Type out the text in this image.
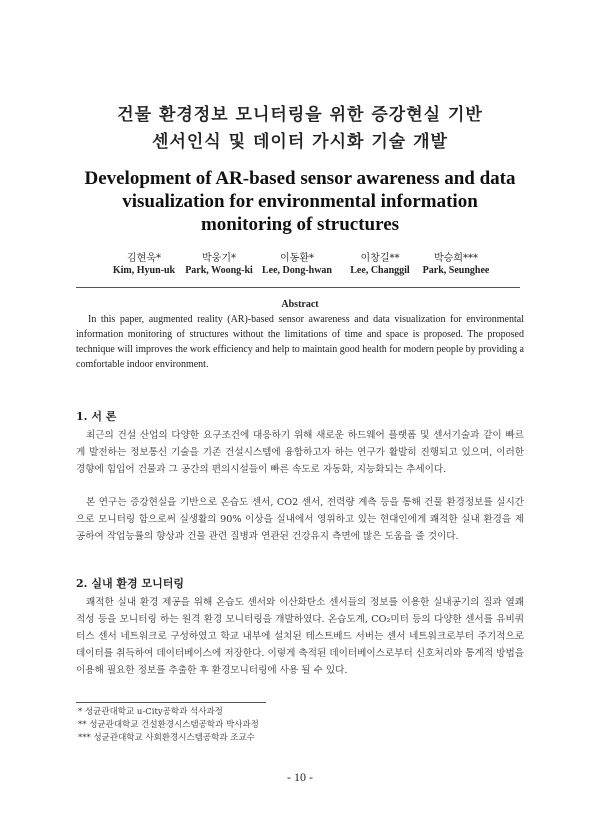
건물 환경정보 모니터링을 위한 증강현실 기반
센서인식 및 데이터 가시화 기술 개발
Development of AR-based sensor awareness and data
visualization for environmental information
monitoring of structures
김현욱*
Kim, Hyun-uk
박웅기*
Park, Woong-ki
이동환*
Lee, Dong-hwan
이창길**
Lee, Changgil
박승희***
Park, Seunghee
Abstract
In this paper, augmented reality (AR)-based sensor awareness and data visualization for environmental information monitoring of structures without the limitations of time and space is proposed. The proposed technique will improves the work efficiency and help to maintain good health for modern people by providing a comfortable indoor environment.
1. 서 론
최근의 건설 산업의 다양한 요구조건에 대응하기 위해 새로운 하드웨어 플랫폼 및 센서기술과 같이 빠르게 발전하는 정보통신 기술을 기존 건설시스템에 융합하고자 하는 연구가 활발히 진행되고 있으며, 이러한 경향에 힘입어 건물과 그 공간의 편의시설들이 빠른 속도로 자동화, 지능화되는 추세이다.
본 연구는 증강현실을 기반으로 온습도 센서, CO2 센서, 전력량 계측 등을 통해 건물 환경정보를 실시간으로 모니터링 함으로써 실생활의 90% 이상을 실내에서 영위하고 있는 현대인에게 쾌적한 실내 환경을 제공하여 작업능률의 향상과 건물 관련 질병과 연관된 건강유지 측면에 많은 도움을 줄 것이다.
2. 실내 환경 모니터링
쾌적한 실내 환경 제공을 위해 온습도 센서와 이산화탄소 센서들의 정보를 이용한 실내공기의 질과 열쾌적성 등을 모니터링 하는 원격 환경 모니터링을 개발하였다. 온습도계, CO₂미터 등의 다양한 센서를 유비쿼터스 센서 네트워크로 구성하였고 학교 내부에 설치된 테스트베드 서버는 센서 네트워크로부터 주기적으로 데이터를 취득하여 데이터베이스에 저장한다. 이렇게 축적된 데이터베이스로부터 신호처리와 통계적 방법을 이용해 필요한 정보를 추출한 후 환경모니터링에 사용 될 수 있다.
* 성균관대학교 u-City공학과 석사과정
** 성균관대학교 건설환경시스템공학과 박사과정
*** 성균관대학교 사회환경시스템공학과 조교수
- 10 -
